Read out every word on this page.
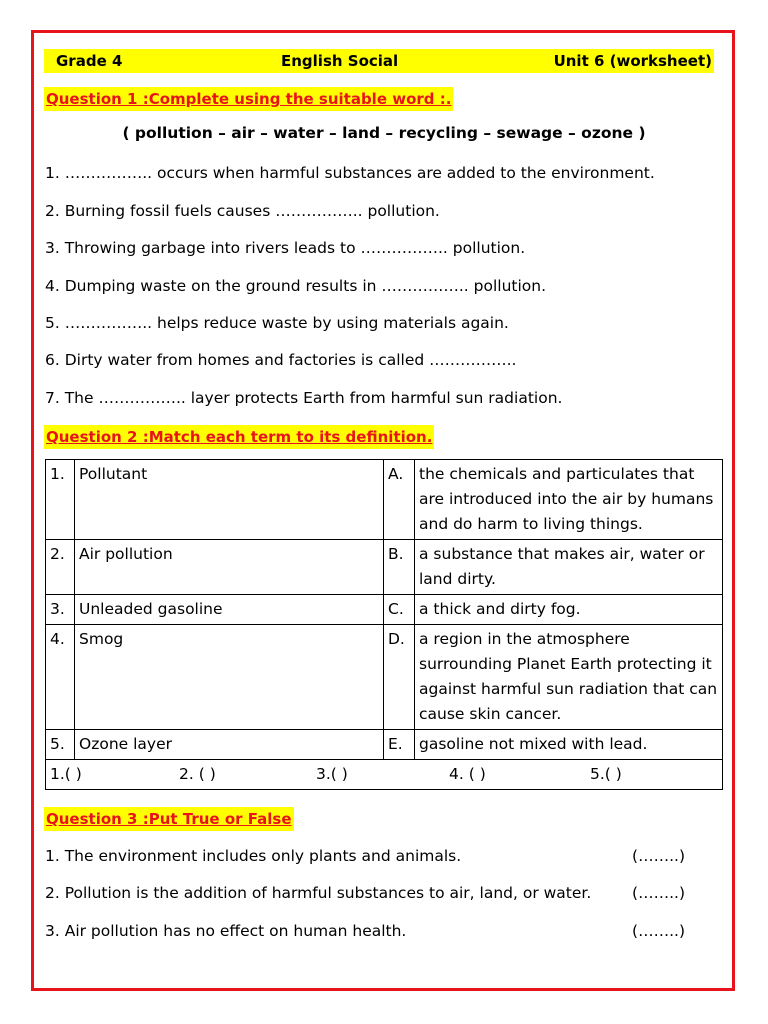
Grade 4	English Social	Unit 6 (worksheet)
Question 1 :Complete using the suitable word :.
( pollution – air – water – land – recycling – sewage – ozone )
1. …………….. occurs when harmful substances are added to the environment.
2. Burning fossil fuels causes …………….. pollution.
3. Throwing garbage into rivers leads to …………….. pollution.
4. Dumping waste on the ground results in …………….. pollution.
5. …………….. helps reduce waste by using materials again.
6. Dirty water from homes and factories is called ……………..
7. The …………….. layer protects Earth from harmful sun radiation.
Question 2 :Match each term to its definition.
1.	Pollutant	A.	the chemicals and particulates that are introduced into the air by humans and do harm to living things.
2.	Air pollution	B.	a substance that makes air, water or land dirty.
3.	Unleaded gasoline	C.	a thick and dirty fog.
4.	Smog	D.	a region in the atmosphere surrounding Planet Earth protecting it against harmful sun radiation that can cause skin cancer.
5.	Ozone layer	E.	gasoline not mixed with lead.
1.( ) 2. ( ) 3.( ) 4. ( ) 5.( )			
Question 3 :Put True or False
1. The environment includes only plants and animals.	(……..)
2. Pollution is the addition of harmful substances to air, land, or water.	(……..)
3. Air pollution has no effect on human health.	(……..)
